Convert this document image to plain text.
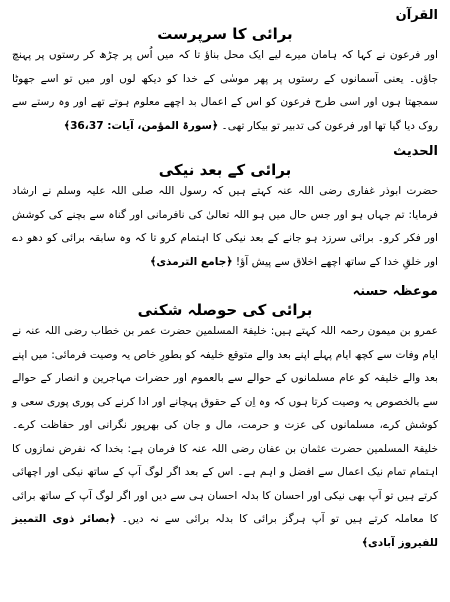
القرآن
برائی کا سرپرست

اور فرعون نے کہا کہ ہامان میرے لیے ایک محل بناؤ تا کہ میں اُس پر چڑھ کر رستوں پر پہنچ جاؤں۔ یعنی آسمانوں کے رستوں پر پھر موسٰی کے خدا کو دیکھ لوں اور میں تو اسے جھوٹا سمجھتا ہوں اور اسی طرح فرعون کو اس کے اعمال بد اچھے معلوم ہوتے تھے اور وہ رستے سے روک دیا گیا تھا اور فرعون کی تدبیر تو بیکار تھی۔ ﴿سورۃ المؤمن، آیات: 36،37﴾

الحدیث
برائی کے بعد نیکی

حضرت ابوذر غفاری رضی اللہ عنہ کہتے ہیں کہ رسول اللہ صلی اللہ علیہ وسلم نے ارشاد فرمایا: تم جہاں ہو اور جس حال میں ہو اللہ تعالیٰ کی نافرمانی اور گناہ سے بچنے کی کوشش اور فکر کرو۔ برائی سرزد ہو جانے کے بعد نیکی کا اہتمام کرو تا کہ وہ سابقہ برائی کو دھو دے اور خلقِ خدا کے ساتھ اچھے اخلاق سے پیش آؤ! ﴿جامع الترمذی﴾

موعظہ حسنہ
برائی کی حوصلہ شکنی

عمرو بن میمون رحمہ اللہ کہتے ہیں: خلیفۃ المسلمین حضرت عمر بن خطاب رضی اللہ عنہ نے ایام وفات سے کچھ ایام پہلے اپنے بعد والے متوقع خلیفہ کو بطورِ خاص یہ وصیت فرمائی: میں اپنے بعد والے خلیفہ کو عام مسلمانوں کے حوالے سے بالعموم اور حضرات مہاجرین و انصار کے حوالے سے بالخصوص یہ وصیت کرتا ہوں کہ وہ اِن کے حقوق پہچانے اور ادا کرنے کی پوری پوری سعی و کوشش کرے، مسلمانوں کی عزت و حرمت، مال و جان کی بھرپور نگرانی اور حفاظت کرے۔ خلیفۃ المسلمین حضرت عثمان بن عفان رضی اللہ عنہ کا فرمان ہے: بخدا کہ نفرض نمازوں کا اہتمام تمام نیک اعمال سے افضل و اہم ہے۔ اس کے بعد اگر لوگ آپ کے ساتھ نیکی اور اچھائی کرتے ہیں تو آپ بھی نیکی اور احسان کا بدلہ احسان ہی سے دیں اور اگر لوگ آپ کے ساتھ برائی کا معاملہ کرتے ہیں تو آپ ہرگز برائی کا بدلہ برائی سے نہ دیں۔ ﴿بصائر ذوی التمییز للفیروز آبادی﴾
